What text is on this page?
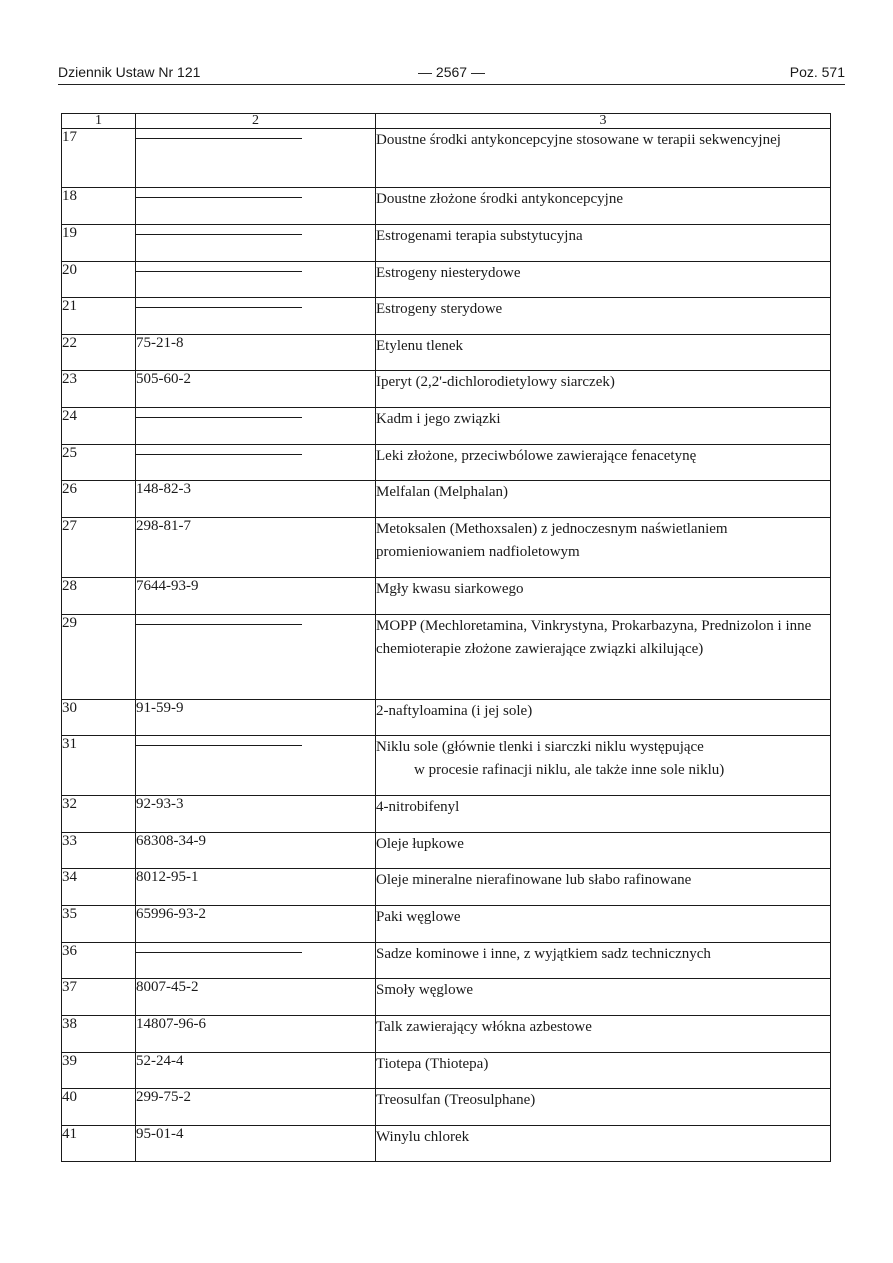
Dziennik Ustaw Nr 121	— 2567 —	Poz. 571
1	2	3
17		Doustne środki antykoncepcyjne stosowane w terapii sekwencyjnej
18		Doustne złożone środki antykoncepcyjne
19		Estrogenami terapia substytucyjna
20		Estrogeny niesterydowe
21		Estrogeny sterydowe
22	75-21-8	Etylenu tlenek
23	505-60-2	Iperyt (2,2'-dichlorodietylowy siarczek)
24		Kadm i jego związki
25		Leki złożone, przeciwbólowe zawierające fenacetynę
26	148-82-3	Melfalan (Melphalan)
27	298-81-7	Metoksalen (Methoxsalen) z jednoczesnym naświetlaniem promieniowaniem nadfioletowym
28	7644-93-9	Mgły kwasu siarkowego
29		MOPP (Mechloretamina, Vinkrystyna, Prokarbazyna, Prednizolon i inne chemioterapie złożone zawierające związki alkilujące)
30	91-59-9	2-naftyloamina (i jej sole)
31		Niklu sole (głównie tlenki i siarczki niklu występujące
w procesie rafinacji niklu, ale także inne sole niklu)

32	92-93-3	4-nitrobifenyl
33	68308-34-9	Oleje łupkowe
34	8012-95-1	Oleje mineralne nierafinowane lub słabo rafinowane
35	65996-93-2	Paki węglowe
36		Sadze kominowe i inne, z wyjątkiem sadz technicznych
37	8007-45-2	Smoły węglowe
38	14807-96-6	Talk zawierający włókna azbestowe
39	52-24-4	Tiotepa (Thiotepa)
40	299-75-2	Treosulfan (Treosulphane)
41	95-01-4	Winylu chlorek
